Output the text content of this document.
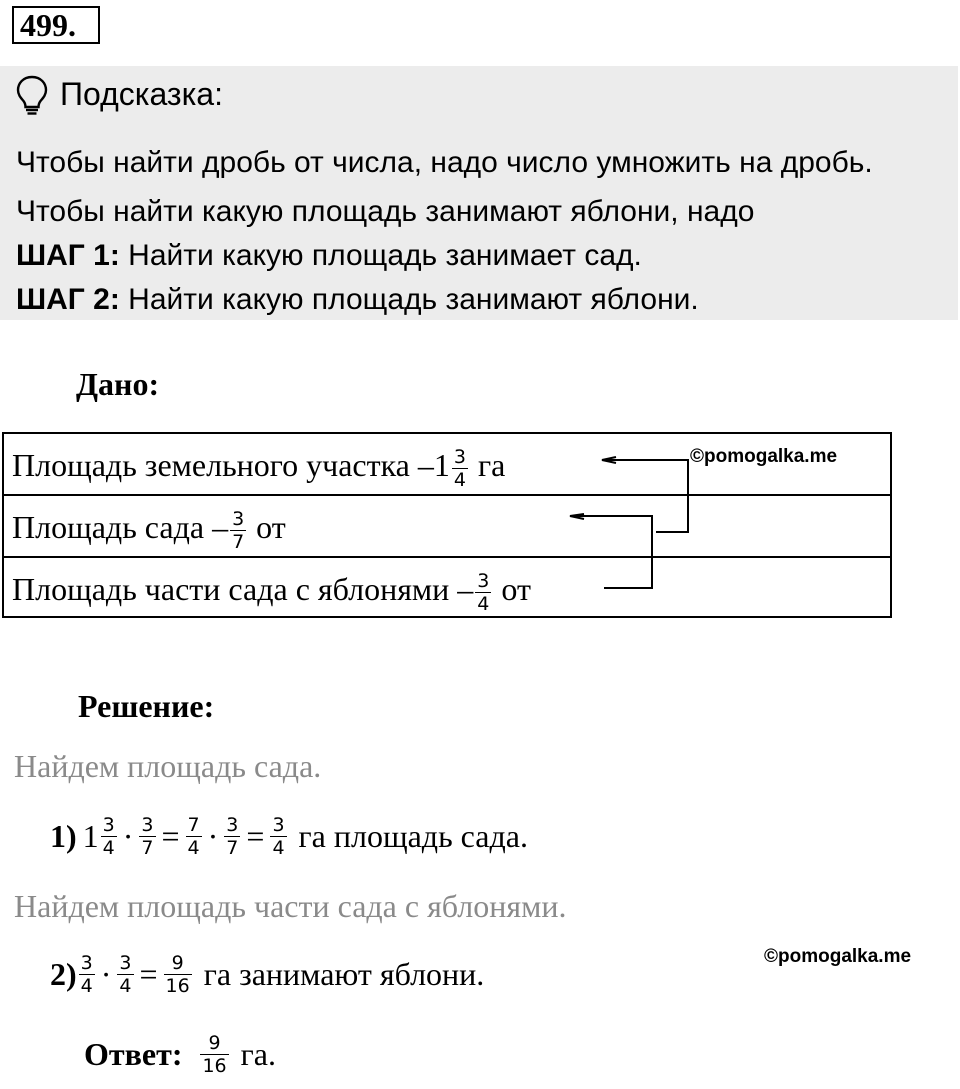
499.
Подсказка:
Чтобы найти дробь от числа, надо число умножить на дробь.
Чтобы найти какую площадь занимают яблони, надо
ШАГ 1: Найти какую площадь занимает сад.
ШАГ 2: Найти какую площадь занимают яблони.
Дано:
Площадь земельного участка $-1 \frac{3}{4}$ га
Площадь сада – $\frac{3}{7}$ от
Площадь части сада с яблонями – $\frac{3}{4}$ от
©pomogalka.me
Решение:
Найдем площадь сада.
1) $1 \frac{3}{4} \cdot \frac{3}{7} = \frac{7}{4} \cdot \frac{3}{7} = \frac{3}{4}$ га площадь сада.
Найдем площадь части сада с яблонями.
$2) \frac{3}{4} \cdot \frac{3}{4} = \frac{9}{16}$ га занимают яблони.	©pomogalka.me
Ответ: $\frac{9}{16}$ га.
